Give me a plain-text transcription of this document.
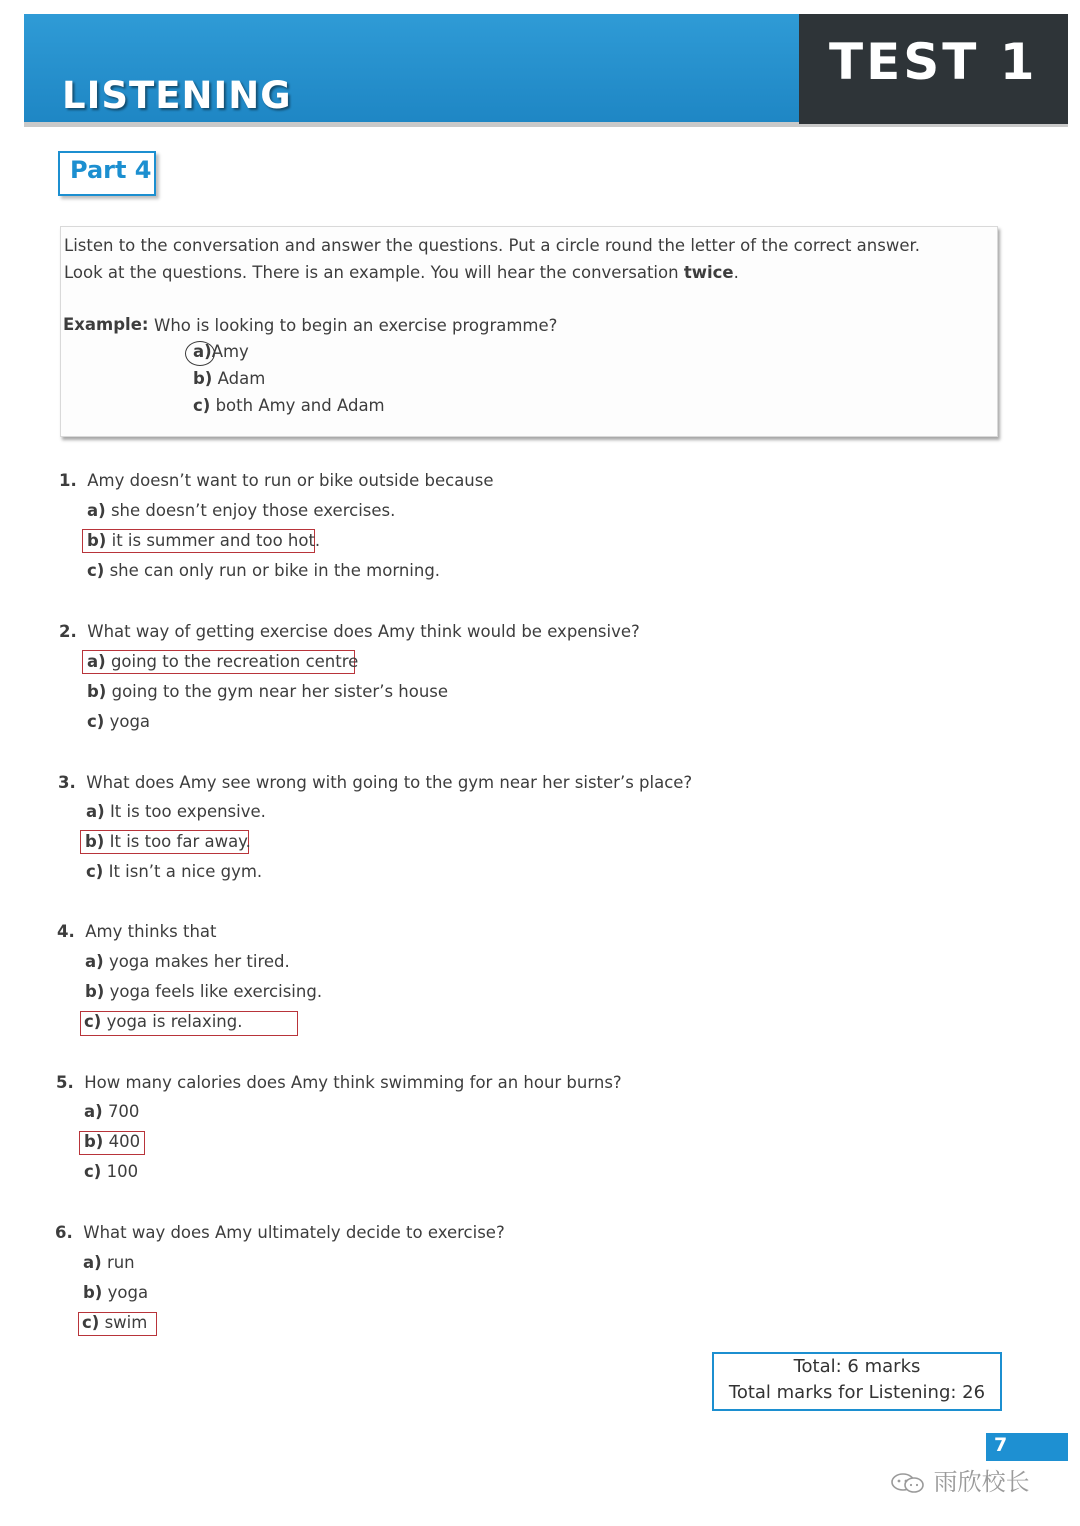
LISTENING
TEST 1
Part 4
Listen to the conversation and answer the questions. Put a circle round the letter of the correct answer.
Look at the questions. There is an example. You will hear the conversation twice.
Example: Who is looking to begin an exercise programme?
a)Amy
b) Adam
c) both Amy and Adam
1. Amy doesn’t want to run or bike outside because
a) she doesn’t enjoy those exercises.
b) it is summer and too hot.
c) she can only run or bike in the morning.
2. What way of getting exercise does Amy think would be expensive?
a) going to the recreation centre
b) going to the gym near her sister’s house
c) yoga
3. What does Amy see wrong with going to the gym near her sister’s place?
a) It is too expensive.
b) It is too far away.
c) It isn’t a nice gym.
4. Amy thinks that
a) yoga makes her tired.
b) yoga feels like exercising.
c) yoga is relaxing.
5. How many calories does Amy think swimming for an hour burns?
a) 700
b) 400
c) 100
6. What way does Amy ultimately decide to exercise?
a) run
b) yoga
c) swim
Total: 6 marks
Total marks for Listening: 26
7
雨欣校长
